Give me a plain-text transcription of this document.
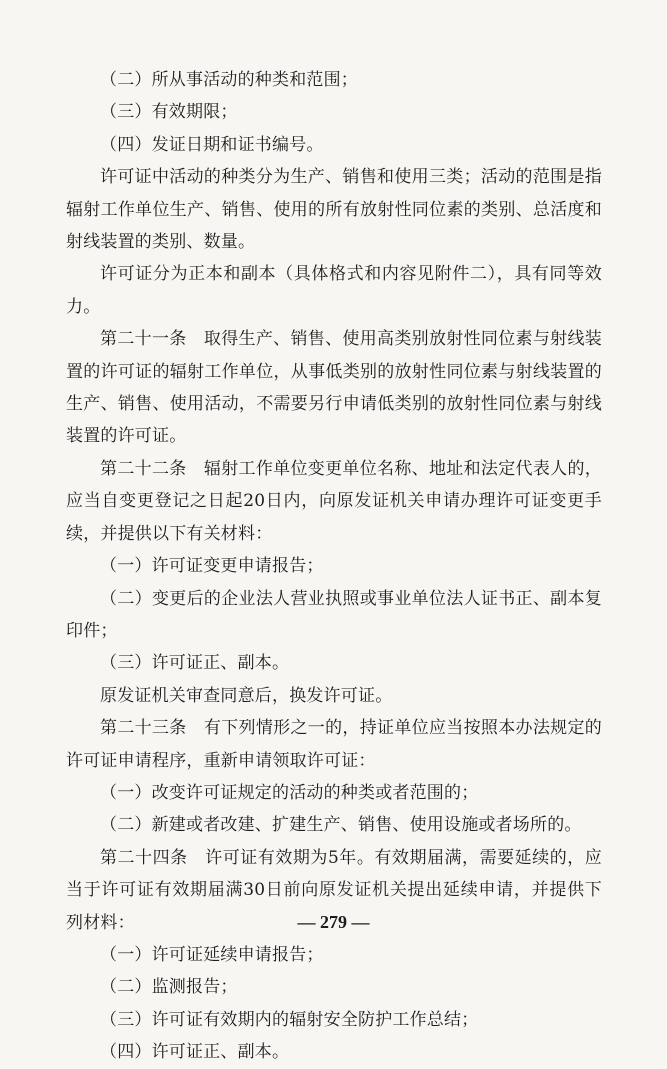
（二）所从事活动的种类和范围；

（三）有效期限；

（四）发证日期和证书编号。

许可证中活动的种类分为生产、销售和使用三类；活动的范围是指辐射工作单位生产、销售、使用的所有放射性同位素的类别、总活度和射线装置的类别、数量。

许可证分为正本和副本（具体格式和内容见附件二），具有同等效力。

第二十一条　取得生产、销售、使用高类别放射性同位素与射线装置的许可证的辐射工作单位，从事低类别的放射性同位素与射线装置的生产、销售、使用活动，不需要另行申请低类别的放射性同位素与射线装置的许可证。

第二十二条　辐射工作单位变更单位名称、地址和法定代表人的，应当自变更登记之日起20日内，向原发证机关申请办理许可证变更手续，并提供以下有关材料：

（一）许可证变更申请报告；

（二）变更后的企业法人营业执照或事业单位法人证书正、副本复印件；

（三）许可证正、副本。

原发证机关审查同意后，换发许可证。

第二十三条　有下列情形之一的，持证单位应当按照本办法规定的许可证申请程序，重新申请领取许可证：

（一）改变许可证规定的活动的种类或者范围的；

（二）新建或者改建、扩建生产、销售、使用设施或者场所的。

第二十四条　许可证有效期为5年。有效期届满，需要延续的，应当于许可证有效期届满30日前向原发证机关提出延续申请，并提供下列材料：

（一）许可证延续申请报告；

（二）监测报告；

（三）许可证有效期内的辐射安全防护工作总结；

（四）许可证正、副本。

— 279 —
